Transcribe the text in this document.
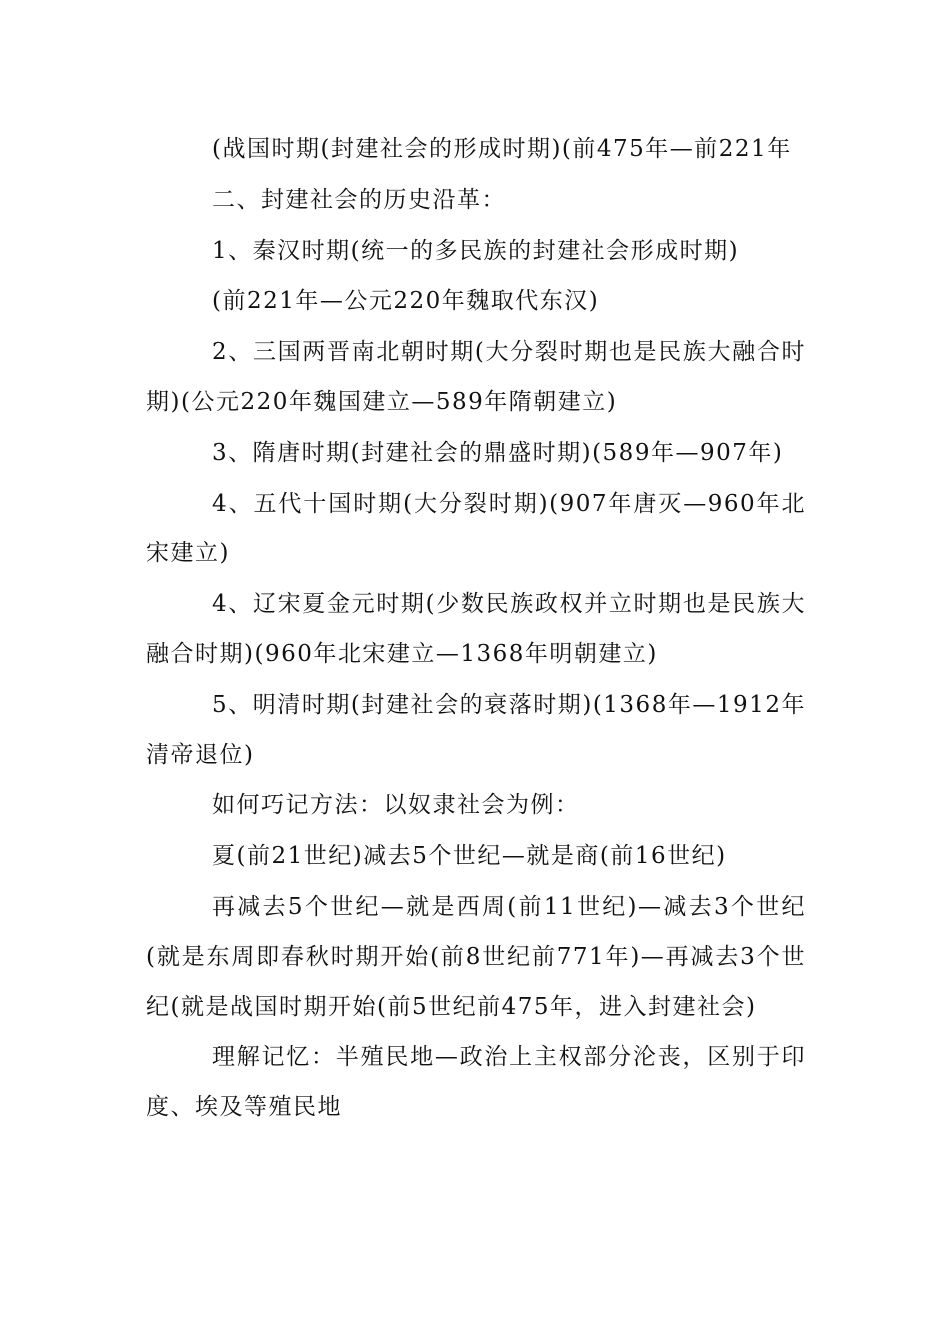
(战国时期(封建社会的形成时期)(前475年—前221年

二、封建社会的历史沿革：

1、秦汉时期(统一的多民族的封建社会形成时期)

(前221年—公元220年魏取代东汉)

2、三国两晋南北朝时期(大分裂时期也是民族大融合时期)(公元220年魏国建立—589年隋朝建立)

3、隋唐时期(封建社会的鼎盛时期)(589年—907年)

4、五代十国时期(大分裂时期)(907年唐灭—960年北宋建立)

4、辽宋夏金元时期(少数民族政权并立时期也是民族大融合时期)(960年北宋建立—1368年明朝建立)

5、明清时期(封建社会的衰落时期)(1368年—1912年清帝退位)

如何巧记方法：以奴隶社会为例：

夏(前21世纪)减去5个世纪—就是商(前16世纪)

再减去5个世纪—就是西周(前11世纪)—减去3个世纪(就是东周即春秋时期开始(前8世纪前771年)—再减去3个世纪(就是战国时期开始(前5世纪前475年，进入封建社会)

理解记忆：半殖民地—政治上主权部分沦丧，区别于印度、埃及等殖民地
